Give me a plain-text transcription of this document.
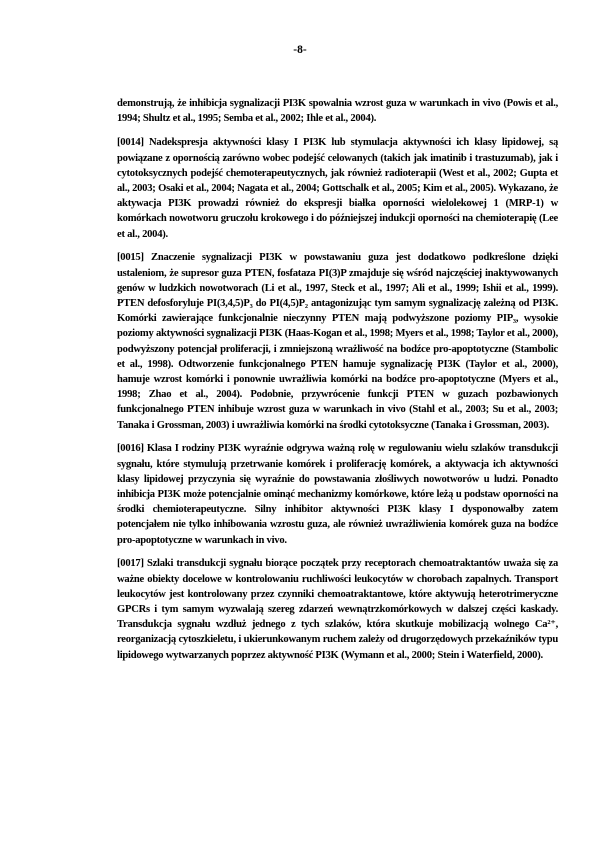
-8-

demonstrują, że inhibicja sygnalizacji PI3K spowalnia wzrost guza w warunkach in vivo (Powis et al., 1994; Shultz et al., 1995; Semba et al., 2002; Ihle et al., 2004).

[0014] Nadekspresja aktywności klasy I PI3K lub stymulacja aktywności ich klasy lipidowej, są powiązane z opornością zarówno wobec podejść celowanych (takich jak imatinib i trastuzumab), jak i cytotoksycznych podejść chemoterapeutycznych, jak również radioterapii (West et al., 2002; Gupta et al., 2003; Osaki et al., 2004; Nagata et al., 2004; Gottschalk et al., 2005; Kim et al., 2005). Wykazano, że aktywacja PI3K prowadzi również do ekspresji białka oporności wielolekowej 1 (MRP-1) w komórkach nowotworu gruczołu krokowego i do późniejszej indukcji oporności na chemioterapię (Lee et al., 2004).

[0015] Znaczenie sygnalizacji PI3K w powstawaniu guza jest dodatkowo podkreślone dzięki ustaleniom, że supresor guza PTEN, fosfataza PI(3)P zmajduje się wśród najczęściej inaktywowanych genów w ludzkich nowotworach (Li et al., 1997, Steck et al., 1997; Ali et al., 1999; Ishii et al., 1999). PTEN defosforyluje PI(3,4,5)P₃ do PI(4,5)P₂ antagonizując tym samym sygnalizację zależną od PI3K. Komórki zawierające funkcjonalnie nieczynny PTEN mają podwyższone poziomy PIP₃, wysokie poziomy aktywności sygnalizacji PI3K (Haas-Kogan et al., 1998; Myers et al., 1998; Taylor et al., 2000), podwyższony potencjał proliferacji, i zmniejszoną wrażliwość na bodźce pro-apoptotyczne (Stambolic et al., 1998). Odtworzenie funkcjonalnego PTEN hamuje sygnalizację PI3K (Taylor et al., 2000), hamuje wzrost komórki i ponownie uwrażliwia komórki na bodźce pro-apoptotyczne (Myers et al., 1998; Zhao et al., 2004). Podobnie, przywrócenie funkcji PTEN w guzach pozbawionych funkcjonalnego PTEN inhibuje wzrost guza w warunkach in vivo (Stahl et al., 2003; Su et al., 2003; Tanaka i Grossman, 2003) i uwrażliwia komórki na środki cytotoksyczne (Tanaka i Grossman, 2003).

[0016] Klasa I rodziny PI3K wyraźnie odgrywa ważną rolę w regulowaniu wielu szlaków transdukcji sygnału, które stymulują przetrwanie komórek i proliferację komórek, a aktywacja ich aktywności klasy lipidowej przyczynia się wyraźnie do powstawania złośliwych nowotworów u ludzi. Ponadto inhibicja PI3K może potencjalnie ominąć mechanizmy komórkowe, które leżą u podstaw oporności na środki chemioterapeutyczne. Silny inhibitor aktywności PI3K klasy I dysponowałby zatem potencjałem nie tylko inhibowania wzrostu guza, ale również uwrażliwienia komórek guza na bodźce pro-apoptotyczne w warunkach in vivo.

[0017] Szlaki transdukcji sygnału biorące początek przy receptorach chemoatraktantów uważa się za ważne obiekty docelowe w kontrolowaniu ruchliwości leukocytów w chorobach zapalnych. Transport leukocytów jest kontrolowany przez czynniki chemoatraktantowe, które aktywują heterotrimeryczne GPCRs i tym samym wyzwalają szereg zdarzeń wewnątrzkomórkowych w dalszej części kaskady. Transdukcja sygnału wzdłuż jednego z tych szlaków, która skutkuje mobilizacją wolnego Ca²⁺, reorganizacją cytoszkieletu, i ukierunkowanym ruchem zależy od drugorzędowych przekaźników typu lipidowego wytwarzanych poprzez aktywność PI3K (Wymann et al., 2000; Stein i Waterfield, 2000).
